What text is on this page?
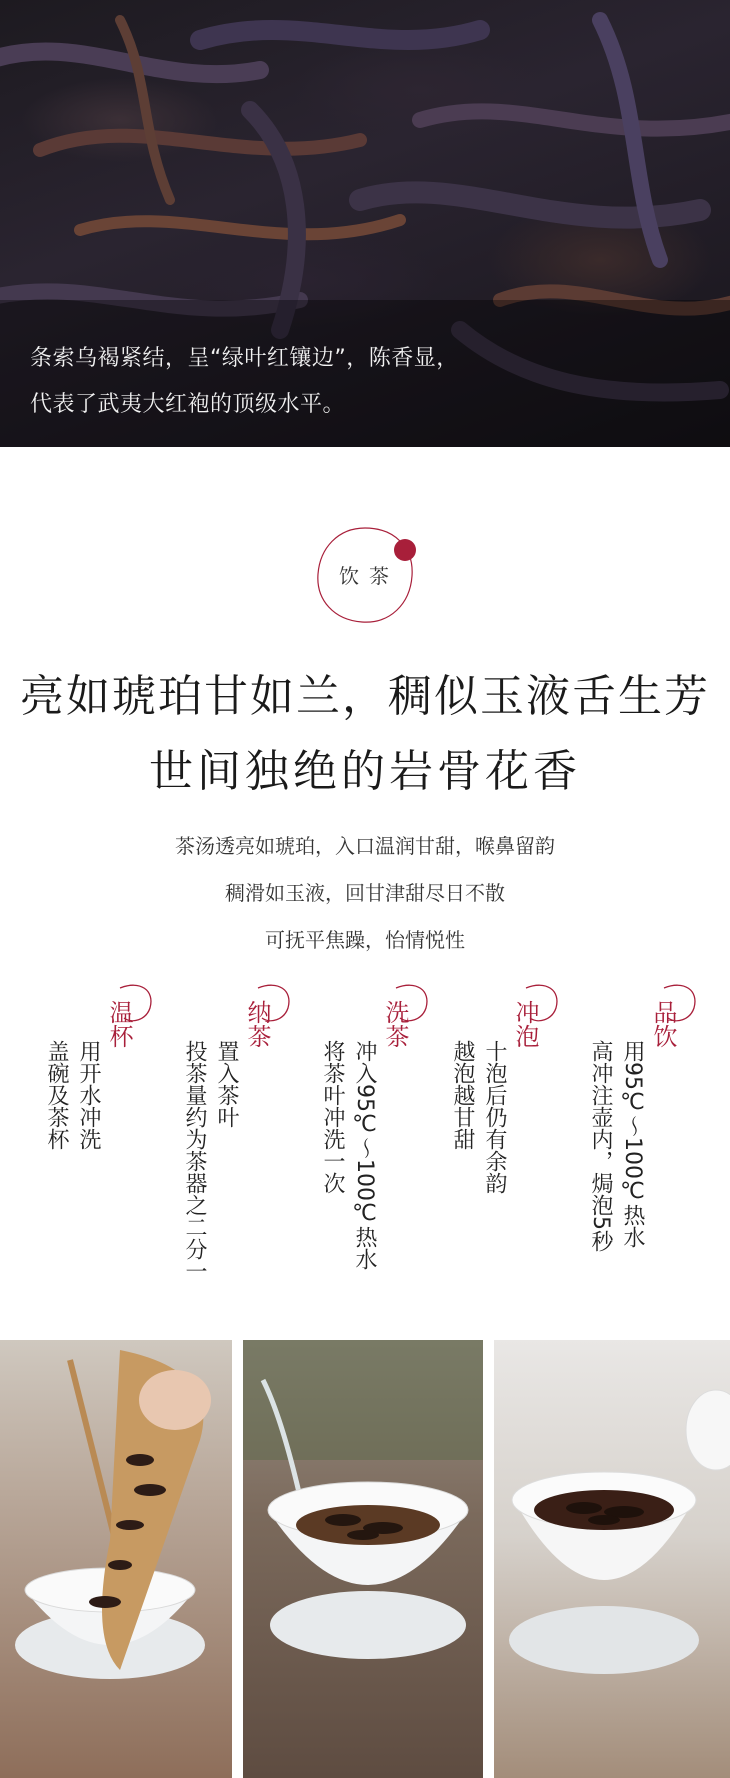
条索乌褐紧结，呈“绿叶红镶边”，陈香显，
代表了武夷大红袍的顶级水平。
饮茶
亮如琥珀甘如兰，稠似玉液舌生芳
世间独绝的岩骨花香
茶汤透亮如琥珀，入口温润甘甜，喉鼻留韵
稠滑如玉液，回甘津甜尽日不散
可抚平焦躁，怡情悦性
温杯
用开水冲洗
盖碗及茶杯
纳茶
置入茶叶
投茶量约为茶器之二分一
洗茶
冲入95℃～100℃热水
将茶叶冲洗一次
冲泡
十泡后仍有余韵
越泡越甘甜
品饮
用95℃～100℃热水
高冲注壶内，焗泡5秒
